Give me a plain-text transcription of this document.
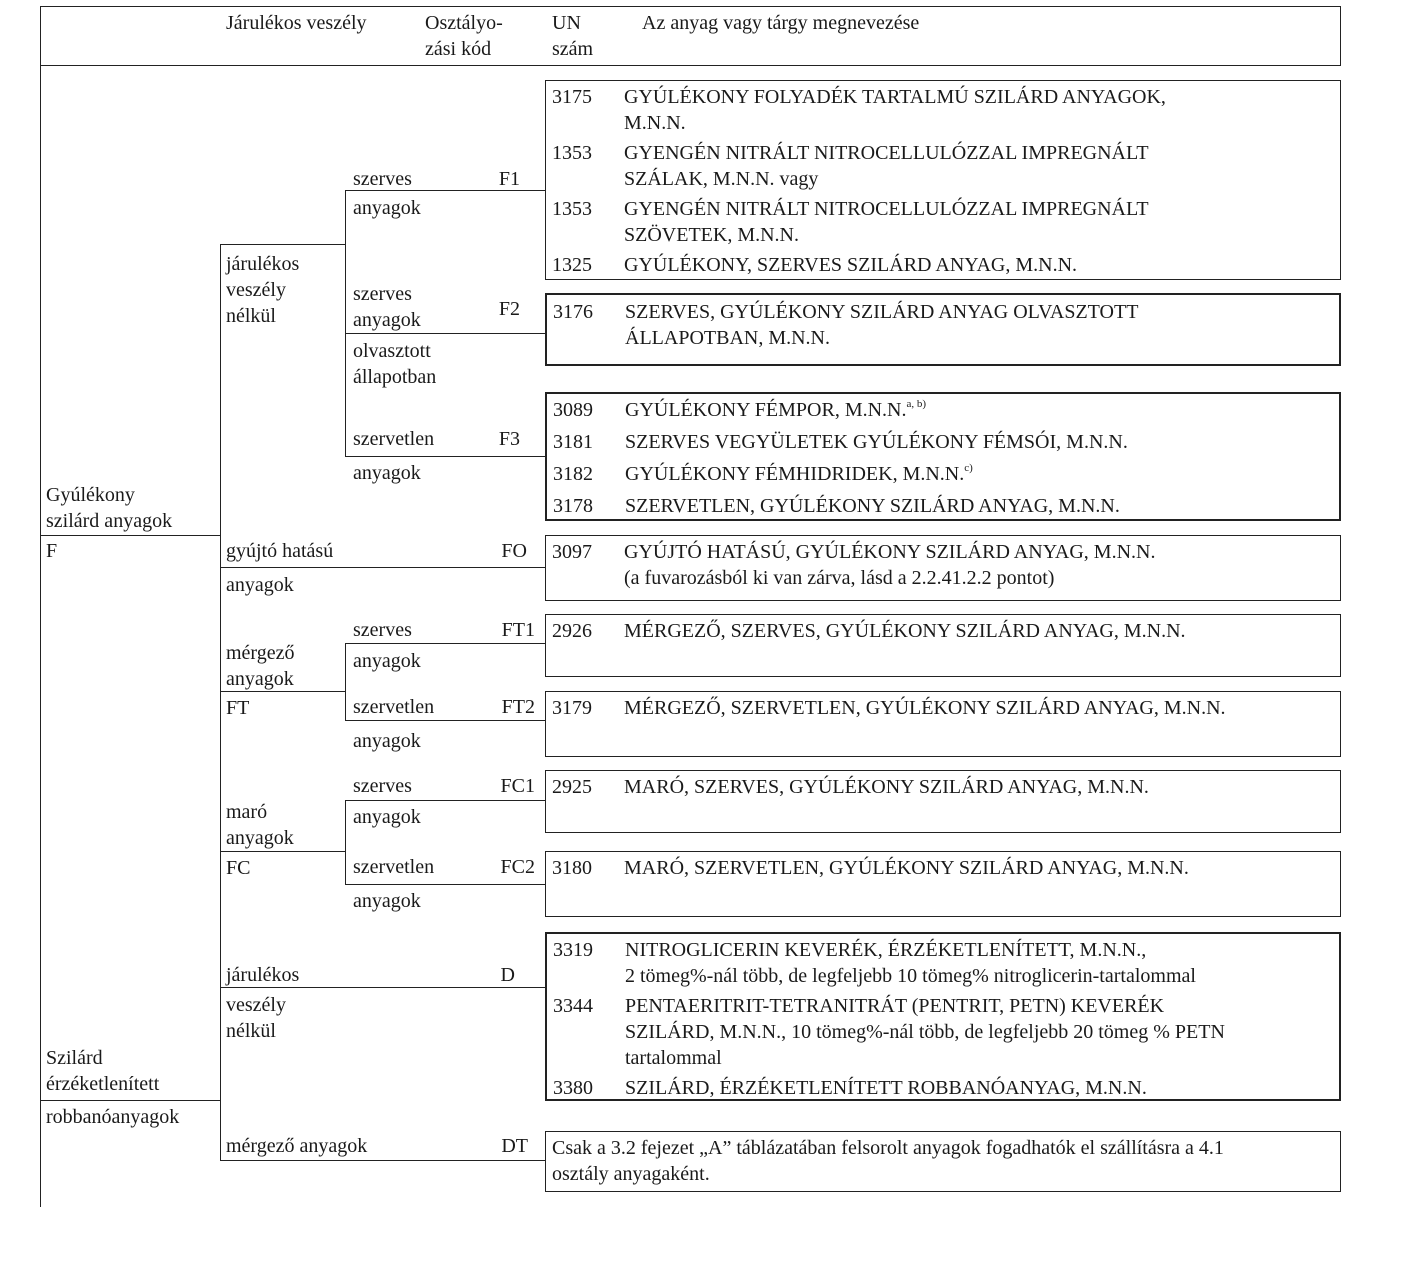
Járulékos veszély	Osztályo-
zási kód
UN
szám
Az anyag vagy tárgy megnevezése
Gyúlékony
szilárd anyagok
F
Szilárd
érzéketlenített
robbanóanyagok
járulékos
veszély
nélkül
szerves
anyagok
F1
szerves
anyagok
olvasztott
állapotban
F2
szervetlen
anyagok
F3
gyújtó hatású
anyagok
FO
mérgező
anyagok
FT
szerves
anyagok
FT1
szervetlen
anyagok
FT2
maró
anyagok
FC
szerves
anyagok
FC1
szervetlen
anyagok
FC2
járulékos
veszély
nélkül
D
mérgező anyagok	DT
3175 GYÚLÉKONY FOLYADÉK TARTALMÚ SZILÁRD ANYAGOK,
M.N.N.
1353 GYENGÉN NITRÁLT NITROCELLULÓZZAL IMPREGNÁLT
SZÁLAK, M.N.N. vagy
1353 GYENGÉN NITRÁLT NITROCELLULÓZZAL IMPREGNÁLT
SZÖVETEK, M.N.N.
1325 GYÚLÉKONY, SZERVES SZILÁRD ANYAG, M.N.N.
3176 SZERVES, GYÚLÉKONY SZILÁRD ANYAG OLVASZTOTT
ÁLLAPOTBAN, M.N.N.
3089 GYÚLÉKONY FÉMPOR, M.N.N.$^{a, b)}$
3181 SZERVES VEGYÜLETEK GYÚLÉKONY FÉMSÓI, M.N.N.
3182 GYÚLÉKONY FÉMHIDRIDEK, M.N.N.$^{c)}$
3178 SZERVETLEN, GYÚLÉKONY SZILÁRD ANYAG, M.N.N.
3097 GYÚJTÓ HATÁSÚ, GYÚLÉKONY SZILÁRD ANYAG, M.N.N.
(a fuvarozásból ki van zárva, lásd a 2.2.41.2.2 pontot)
2926 MÉRGEZŐ, SZERVES, GYÚLÉKONY SZILÁRD ANYAG, M.N.N.
3179 MÉRGEZŐ, SZERVETLEN, GYÚLÉKONY SZILÁRD ANYAG, M.N.N.
2925 MARÓ, SZERVES, GYÚLÉKONY SZILÁRD ANYAG, M.N.N.
3180 MARÓ, SZERVETLEN, GYÚLÉKONY SZILÁRD ANYAG, M.N.N.
3319 NITROGLICERIN KEVERÉK, ÉRZÉKETLENÍTETT, M.N.N.,
2 tömeg%-nál több, de legfeljebb 10 tömeg% nitroglicerin-tartalommal
3344 PENTAERITRIT-TETRANITRÁT (PENTRIT, PETN) KEVERÉK
SZILÁRD, M.N.N., 10 tömeg%-nál több, de legfeljebb 20 tömeg % PETN
tartalommal
3380 SZILÁRD, ÉRZÉKETLENÍTETT ROBBANÓANYAG, M.N.N.
Csak a 3.2 fejezet „A” táblázatában felsorolt anyagok fogadhatók el szállításra a 4.1
osztály anyagaként.
